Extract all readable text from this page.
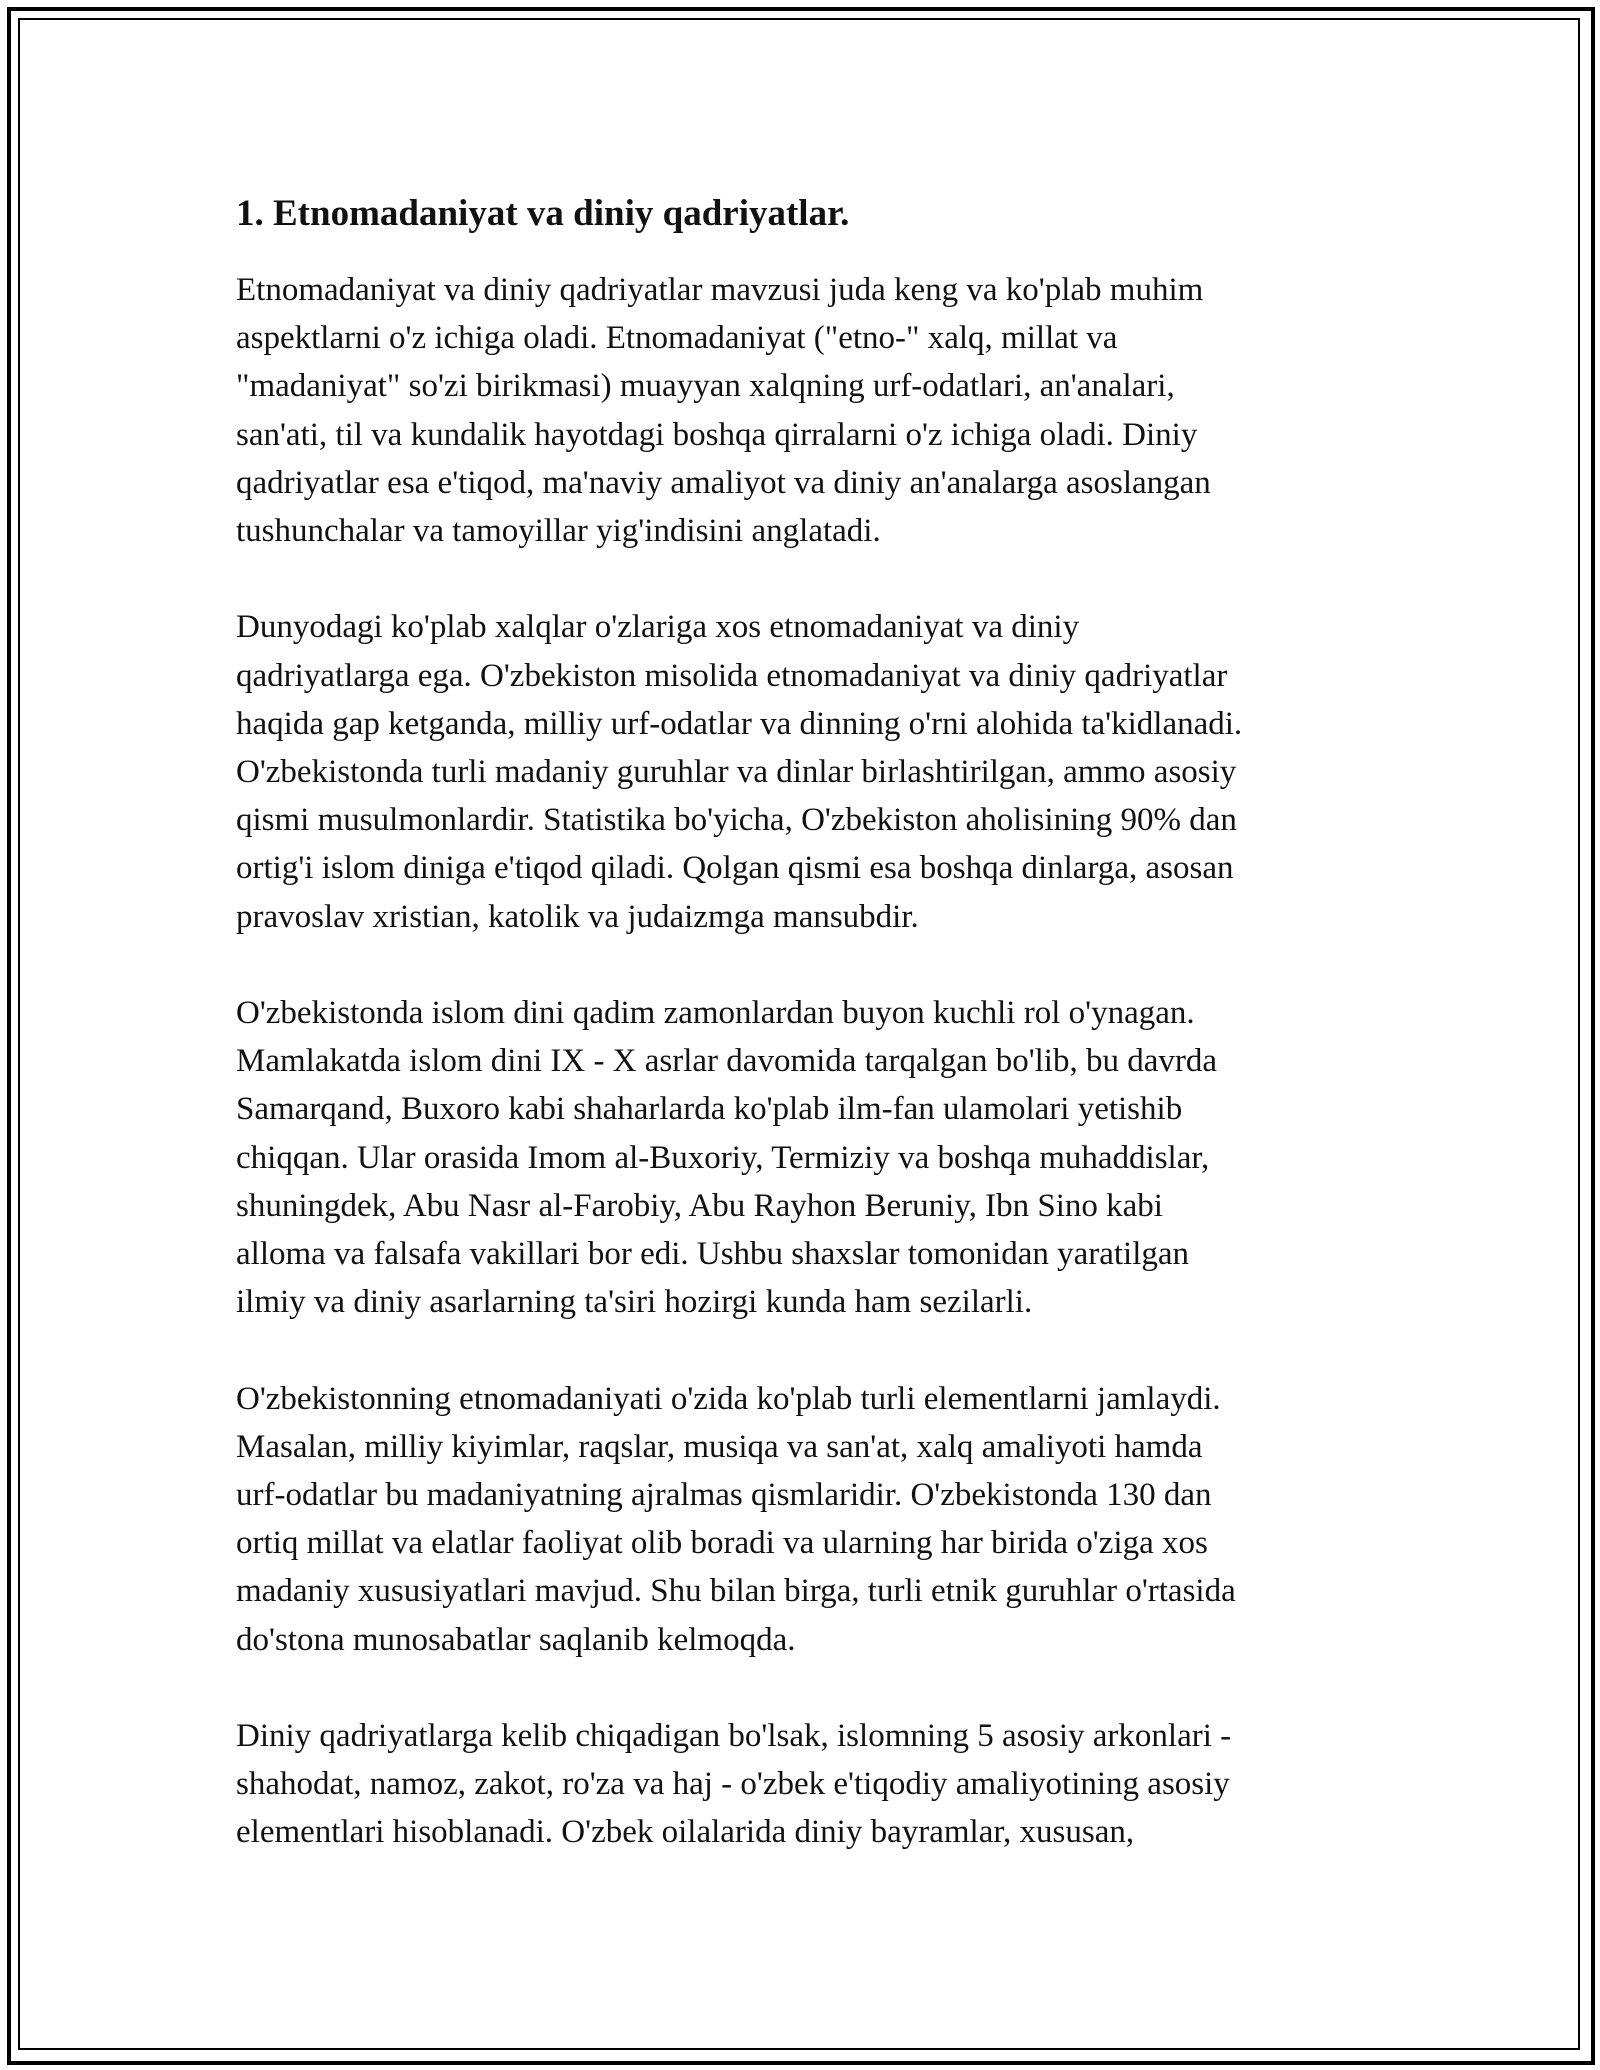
1. Etnomadaniyat va diniy qadriyatlar.

Etnomadaniyat va diniy qadriyatlar mavzusi juda keng va ko'plab muhim
aspektlarni o'z ichiga oladi. Etnomadaniyat ("etno-" xalq, millat va
"madaniyat" so'zi birikmasi) muayyan xalqning urf-odatlari, an'analari,
san'ati, til va kundalik hayotdagi boshqa qirralarni o'z ichiga oladi. Diniy
qadriyatlar esa e'tiqod, ma'naviy amaliyot va diniy an'analarga asoslangan
tushunchalar va tamoyillar yig'indisini anglatadi.

Dunyodagi ko'plab xalqlar o'zlariga xos etnomadaniyat va diniy
qadriyatlarga ega. O'zbekiston misolida etnomadaniyat va diniy qadriyatlar
haqida gap ketganda, milliy urf-odatlar va dinning o'rni alohida ta'kidlanadi.
O'zbekistonda turli madaniy guruhlar va dinlar birlashtirilgan, ammo asosiy
qismi musulmonlardir. Statistika bo'yicha, O'zbekiston aholisining 90% dan
ortig'i islom diniga e'tiqod qiladi. Qolgan qismi esa boshqa dinlarga, asosan
pravoslav xristian, katolik va judaizmga mansubdir.

O'zbekistonda islom dini qadim zamonlardan buyon kuchli rol o'ynagan.
Mamlakatda islom dini IX - X asrlar davomida tarqalgan bo'lib, bu davrda
Samarqand, Buxoro kabi shaharlarda ko'plab ilm-fan ulamolari yetishib
chiqqan. Ular orasida Imom al-Buxoriy, Termiziy va boshqa muhaddislar,
shuningdek, Abu Nasr al-Farobiy, Abu Rayhon Beruniy, Ibn Sino kabi
alloma va falsafa vakillari bor edi. Ushbu shaxslar tomonidan yaratilgan
ilmiy va diniy asarlarning ta'siri hozirgi kunda ham sezilarli.

O'zbekistonning etnomadaniyati o'zida ko'plab turli elementlarni jamlaydi.
Masalan, milliy kiyimlar, raqslar, musiqa va san'at, xalq amaliyoti hamda
urf-odatlar bu madaniyatning ajralmas qismlaridir. O'zbekistonda 130 dan
ortiq millat va elatlar faoliyat olib boradi va ularning har birida o'ziga xos
madaniy xususiyatlari mavjud. Shu bilan birga, turli etnik guruhlar o'rtasida
do'stona munosabatlar saqlanib kelmoqda.

Diniy qadriyatlarga kelib chiqadigan bo'lsak, islomning 5 asosiy arkonlari -
shahodat, namoz, zakot, ro'za va haj - o'zbek e'tiqodiy amaliyotining asosiy
elementlari hisoblanadi. O'zbek oilalarida diniy bayramlar, xususan,
